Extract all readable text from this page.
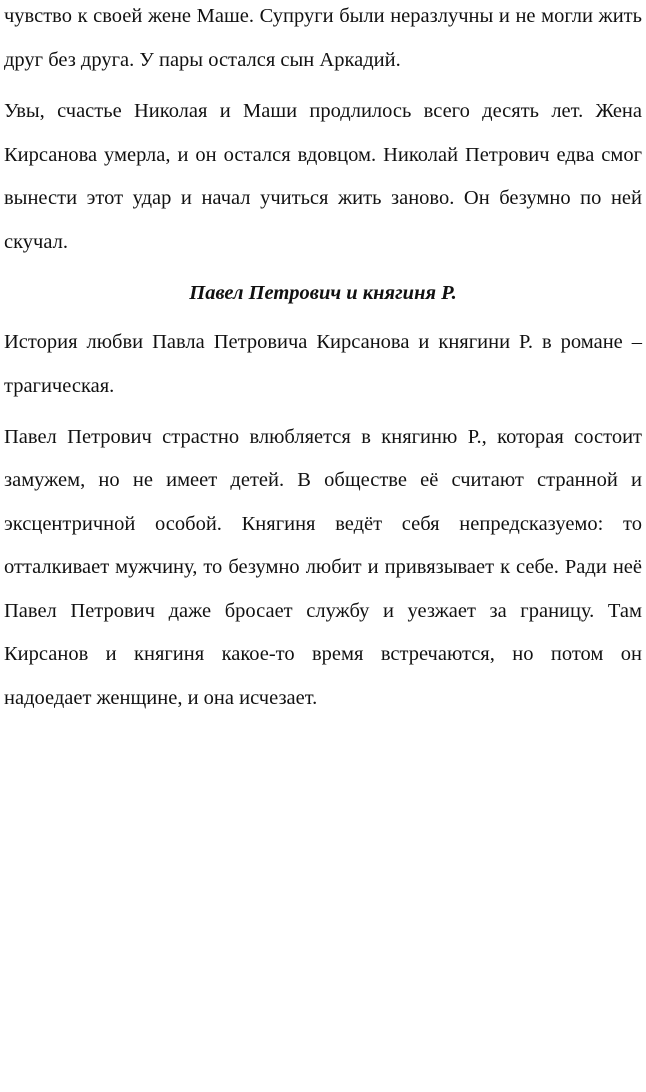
чувство к своей жене Маше. Супруги были неразлучны и не могли жить
друг без друга. У пары остался сын Аркадий.
Увы, счастье Николая и Маши продлилось всего десять лет. Жена
Кирсанова умерла, и он остался вдовцом. Николай Петрович едва смог
вынести этот удар и начал учиться жить заново. Он безумно по ней
скучал.
Павел Петрович и княгиня Р.
История любви Павла Петровича Кирсанова и княгини Р. в романе –
трагическая.
Павел Петрович страстно влюбляется в княгиню Р., которая состоит
замужем, но не имеет детей. В обществе её считают странной и
эксцентричной особой. Княгиня ведёт себя непредсказуемо: то
отталкивает мужчину, то безумно любит и привязывает к себе. Ради неё
Павел Петрович даже бросает службу и уезжает за границу. Там
Кирсанов и княгиня какое-то время встречаются, но потом он
надоедает женщине, и она исчезает.
